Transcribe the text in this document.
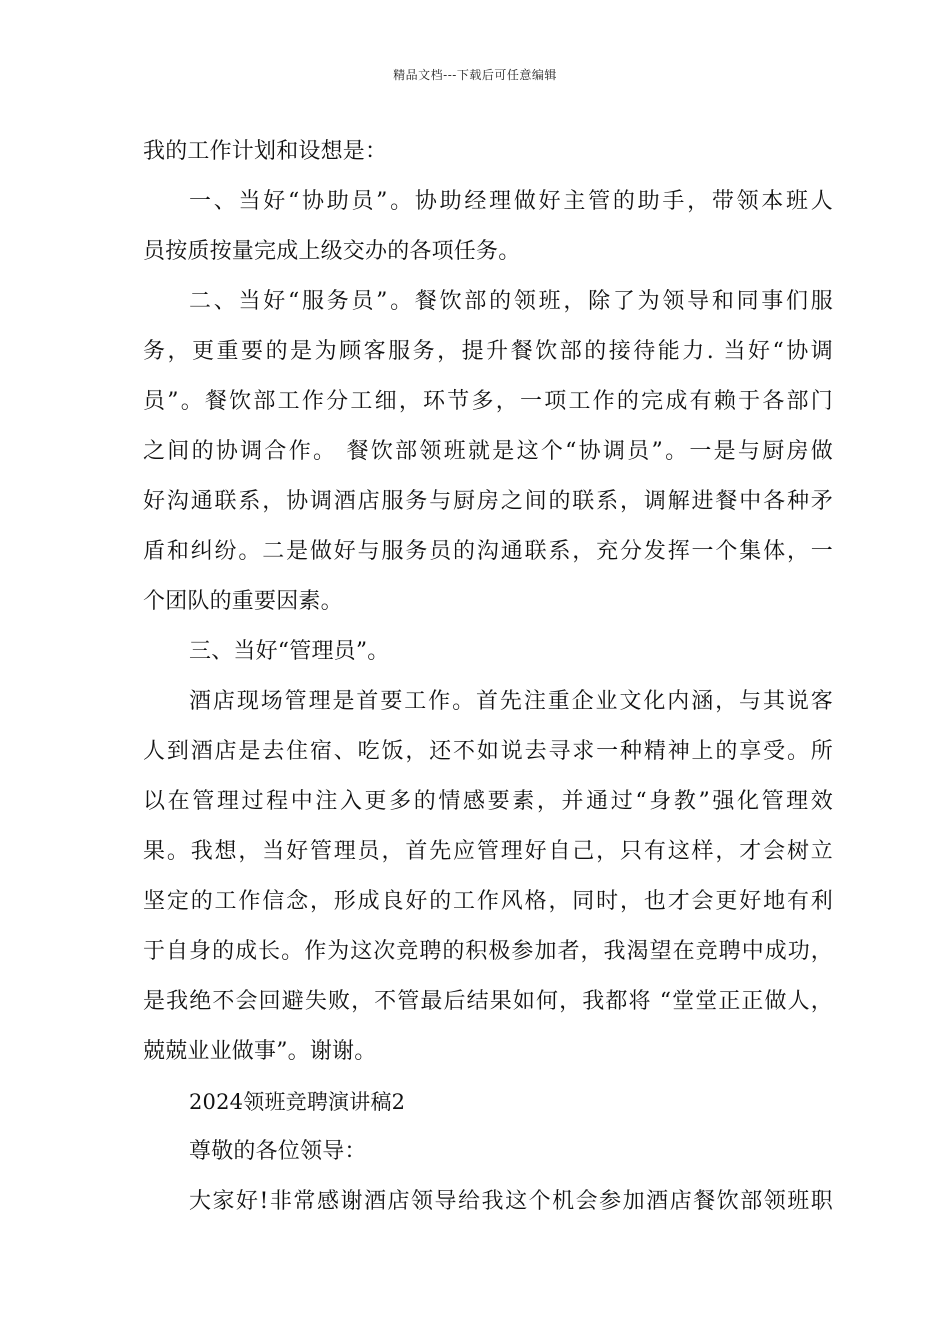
精品文档---下载后可任意编辑
我的工作计划和设想是：
一、当好“协助员”。协助经理做好主管的助手，带领本班人
员按质按量完成上级交办的各项任务。
二、当好“服务员”。餐饮部的领班，除了为领导和同事们服
务，更重要的是为顾客服务，提升餐饮部的接待能力. 当好“协调
员”。餐饮部工作分工细，环节多，一项工作的完成有赖于各部门
之间的协调合作。 餐饮部领班就是这个“协调员”。一是与厨房做
好沟通联系，协调酒店服务与厨房之间的联系，调解进餐中各种矛
盾和纠纷。二是做好与服务员的沟通联系，充分发挥一个集体，一
个团队的重要因素。
三、当好“管理员”。
酒店现场管理是首要工作。首先注重企业文化内涵，与其说客
人到酒店是去住宿、吃饭，还不如说去寻求一种精神上的享受。所
以在管理过程中注入更多的情感要素，并通过“身教”强化管理效
果。我想，当好管理员，首先应管理好自己，只有这样，才会树立
坚定的工作信念，形成良好的工作风格，同时，也才会更好地有利
于自身的成长。作为这次竞聘的积极参加者，我渴望在竞聘中成功，
是我绝不会回避失败，不管最后结果如何，我都将 “堂堂正正做人，
兢兢业业做事”。谢谢。
2024领班竞聘演讲稿2
尊敬的各位领导：
大家好!非常感谢酒店领导给我这个机会参加酒店餐饮部领班职
